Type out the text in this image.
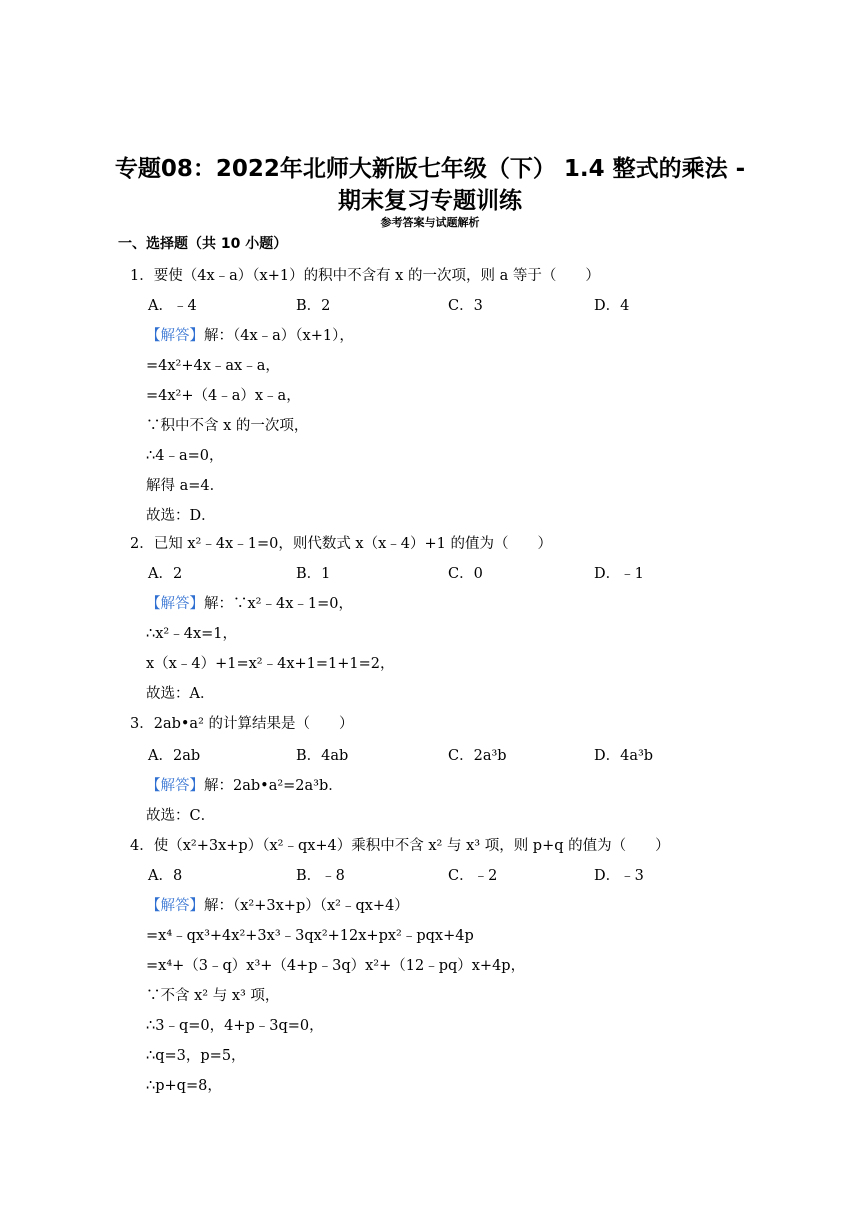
专题08：2022年北师大新版七年级（下） 1.4 整式的乘法 -
期末复习专题训练
参考答案与试题解析
一、选择题（共 10 小题）
1．要使（4x﹣a）（x+1）的积中不含有 x 的一次项，则 a 等于（　　）
A．﹣4	B．2	C．3	D．4
【解答】解：（4x﹣a）（x+1），
=4x²+4x﹣ax﹣a，
=4x²+（4﹣a）x﹣a，
∵积中不含 x 的一次项，
∴4﹣a=0，
解得 a=4．
故选：D．
2．已知 x²﹣4x﹣1=0，则代数式 x（x﹣4）+1 的值为（　　）
A．2	B．1	C．0	D．﹣1
【解答】解：∵x²﹣4x﹣1=0，
∴x²﹣4x=1，
x（x﹣4）+1=x²﹣4x+1=1+1=2，
故选：A．
3．2ab•a² 的计算结果是（　　）
A．2ab	B．4ab	C．2a³b	D．4a³b
【解答】解：2ab•a²=2a³b．
故选：C．
4．使（x²+3x+p）（x²﹣qx+4）乘积中不含 x² 与 x³ 项，则 p+q 的值为（　　）
A．8	B．﹣8	C．﹣2	D．﹣3
【解答】解：（x²+3x+p）（x²﹣qx+4）
=x⁴﹣qx³+4x²+3x³﹣3qx²+12x+px²﹣pqx+4p
=x⁴+（3﹣q）x³+（4+p﹣3q）x²+（12﹣pq）x+4p，
∵不含 x² 与 x³ 项，
∴3﹣q=0，4+p﹣3q=0，
∴q=3，p=5，
∴p+q=8，
